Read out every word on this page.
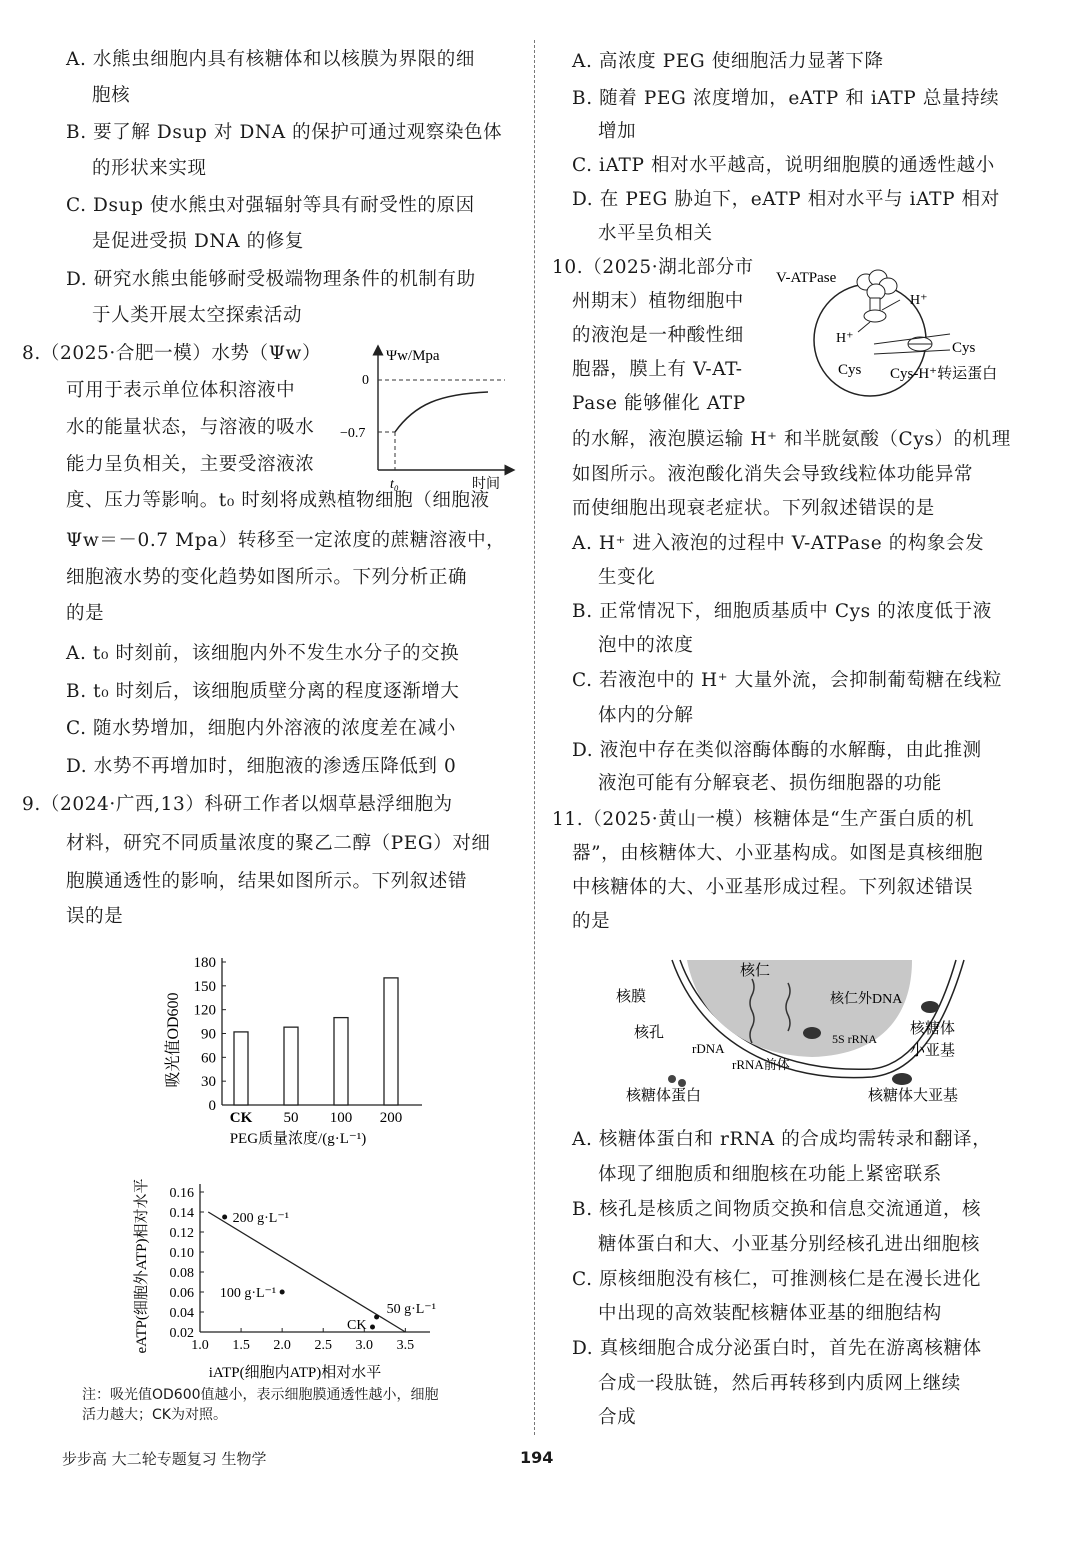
A. 水熊虫细胞内具有核糖体和以核膜为界限的细
胞核
B. 要了解 Dsup 对 DNA 的保护可通过观察染色体
的形状来实现
C. Dsup 使水熊虫对强辐射等具有耐受性的原因
是促进受损 DNA 的修复
D. 研究水熊虫能够耐受极端物理条件的机制有助
于人类开展太空探索活动
8.（2025·合肥一模）水势（Ψw）
可用于表示单位体积溶液中
水的能量状态，与溶液的吸水
能力呈负相关，主要受溶液浓
度、压力等影响。t₀ 时刻将成熟植物细胞（细胞液
Ψw＝－0.7 Mpa）转移至一定浓度的蔗糖溶液中，
细胞液水势的变化趋势如图所示。下列分析正确
的是
A. t₀ 时刻前，该细胞内外不发生水分子的交换
B. t₀ 时刻后，该细胞质壁分离的程度逐渐增大
C. 随水势增加，细胞内外溶液的浓度差在减小
D. 水势不再增加时，细胞液的渗透压降低到 0
9.（2024·广西,13）科研工作者以烟草悬浮细胞为
材料，研究不同质量浓度的聚乙二醇（PEG）对细
胞膜通透性的影响，结果如图所示。下列叙述错
误的是
注：吸光值OD600值越小，表示细胞膜通透性越小，细胞
活力越大；CK为对照。
Ψw/Mpa
0
−0.7
t₀	时间
吸光值OD600
PEG质量浓度/(g·L⁻¹)
0
30
60
90
120
150
180
CK 50 100 200
eATP(细胞外ATP)相对水平
iATP(细胞内ATP)相对水平
0.02
0.04
0.06
0.08
0.10
0.12
0.14
0.16
1.0 1.5 2.0 2.5 3.0 3.5
200 g·L⁻¹
100 g·L⁻¹
50 g·L⁻¹
CK
A. 高浓度 PEG 使细胞活力显著下降
B. 随着 PEG 浓度增加，eATP 和 iATP 总量持续
增加
C. iATP 相对水平越高，说明细胞膜的通透性越小
D. 在 PEG 胁迫下，eATP 相对水平与 iATP 相对
水平呈负相关
10.（2025·湖北部分市
州期末）植物细胞中
的液泡是一种酸性细
胞器，膜上有 V-AT-
Pase 能够催化 ATP
的水解，液泡膜运输 H⁺ 和半胱氨酸（Cys）的机理
如图所示。液泡酸化消失会导致线粒体功能异常
而使细胞出现衰老症状。下列叙述错误的是
A. H⁺ 进入液泡的过程中 V-ATPase 的构象会发
生变化
B. 正常情况下，细胞质基质中 Cys 的浓度低于液
泡中的浓度
C. 若液泡中的 H⁺ 大量外流，会抑制葡萄糖在线粒
体内的分解
D. 液泡中存在类似溶酶体酶的水解酶，由此推测
液泡可能有分解衰老、损伤细胞器的功能
11.（2025·黄山一模）核糖体是“生产蛋白质的机
器”，由核糖体大、小亚基构成。如图是真核细胞
中核糖体的大、小亚基形成过程。下列叙述错误
的是
A. 核糖体蛋白和 rRNA 的合成均需转录和翻译，
体现了细胞质和细胞核在功能上紧密联系
B. 核孔是核质之间物质交换和信息交流通道，核
糖体蛋白和大、小亚基分别经核孔进出细胞核
C. 原核细胞没有核仁，可推测核仁是在漫长进化
中出现的高效装配核糖体亚基的细胞结构
D. 真核细胞合成分泌蛋白时，首先在游离核糖体
合成一段肽链，然后再转移到内质网上继续
合成
V-ATPase
H⁺
H⁺
Cys
Cys Cys-H⁺转运蛋白
核仁
核膜
核孔
核仁外DNA
核糖体
小亚基
rDNA
5S rRNA
rRNA前体
核糖体蛋白	核糖体大亚基
步步高 大二轮专题复习 生物学	194
